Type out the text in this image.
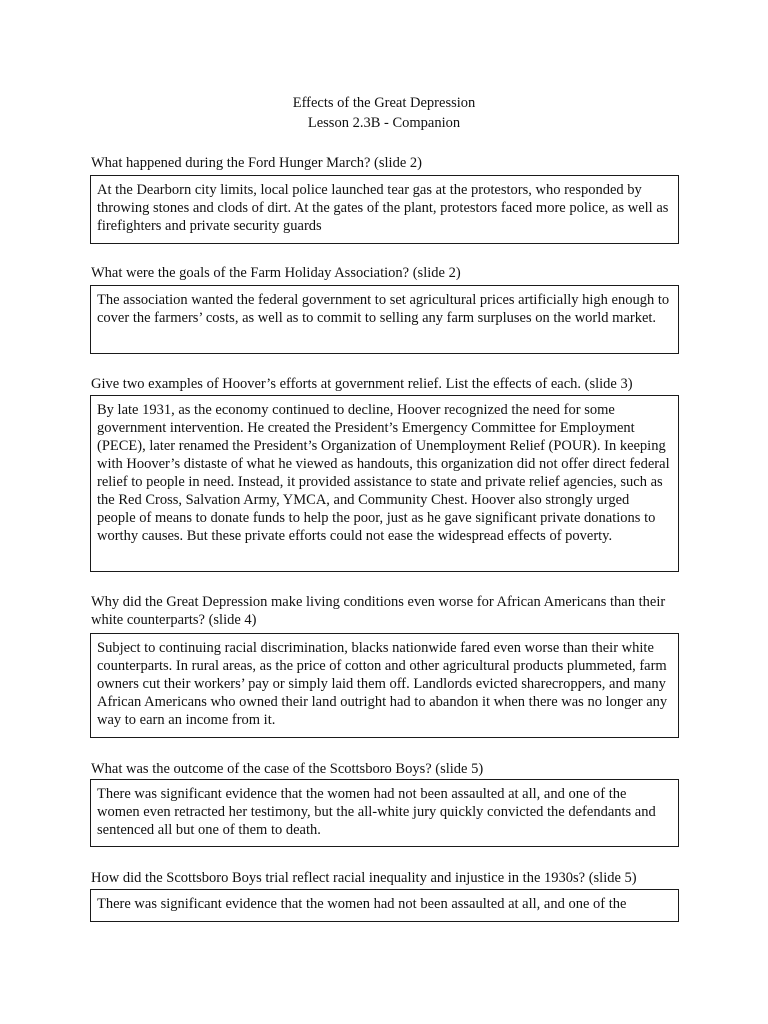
Effects of the Great Depression
Lesson 2.3B - Companion
What happened during the Ford Hunger March? (slide 2)
At the Dearborn city limits, local police launched tear gas at the protestors, who responded by throwing stones and clods of dirt. At the gates of the plant, protestors faced more police, as well as firefighters and private security guards
What were the goals of the Farm Holiday Association? (slide 2)
The association wanted the federal government to set agricultural prices artificially high enough to cover the farmers’ costs, as well as to commit to selling any farm surpluses on the world market.
Give two examples of Hoover’s efforts at government relief. List the effects of each. (slide 3)
By late 1931, as the economy continued to decline, Hoover recognized the need for some government intervention. He created the President’s Emergency Committee for Employment (PECE), later renamed the President’s Organization of Unemployment Relief (POUR). In keeping with Hoover’s distaste of what he viewed as handouts, this organization did not offer direct federal relief to people in need. Instead, it provided assistance to state and private relief agencies, such as the Red Cross, Salvation Army, YMCA, and Community Chest. Hoover also strongly urged people of means to donate funds to help the poor, just as he gave significant private donations to worthy causes. But these private efforts could not ease the widespread effects of poverty.
Why did the Great Depression make living conditions even worse for African Americans than their white counterparts? (slide 4)
Subject to continuing racial discrimination, blacks nationwide fared even worse than their white counterparts. In rural areas, as the price of cotton and other agricultural products plummeted, farm owners cut their workers’ pay or simply laid them off. Landlords evicted sharecroppers, and many African Americans who owned their land outright had to abandon it when there was no longer any way to earn an income from it.
What was the outcome of the case of the Scottsboro Boys? (slide 5)
There was significant evidence that the women had not been assaulted at all, and one of the women even retracted her testimony, but the all-white jury quickly convicted the defendants and sentenced all but one of them to death.
How did the Scottsboro Boys trial reflect racial inequality and injustice in the 1930s? (slide 5)
There was significant evidence that the women had not been assaulted at all, and one of the
